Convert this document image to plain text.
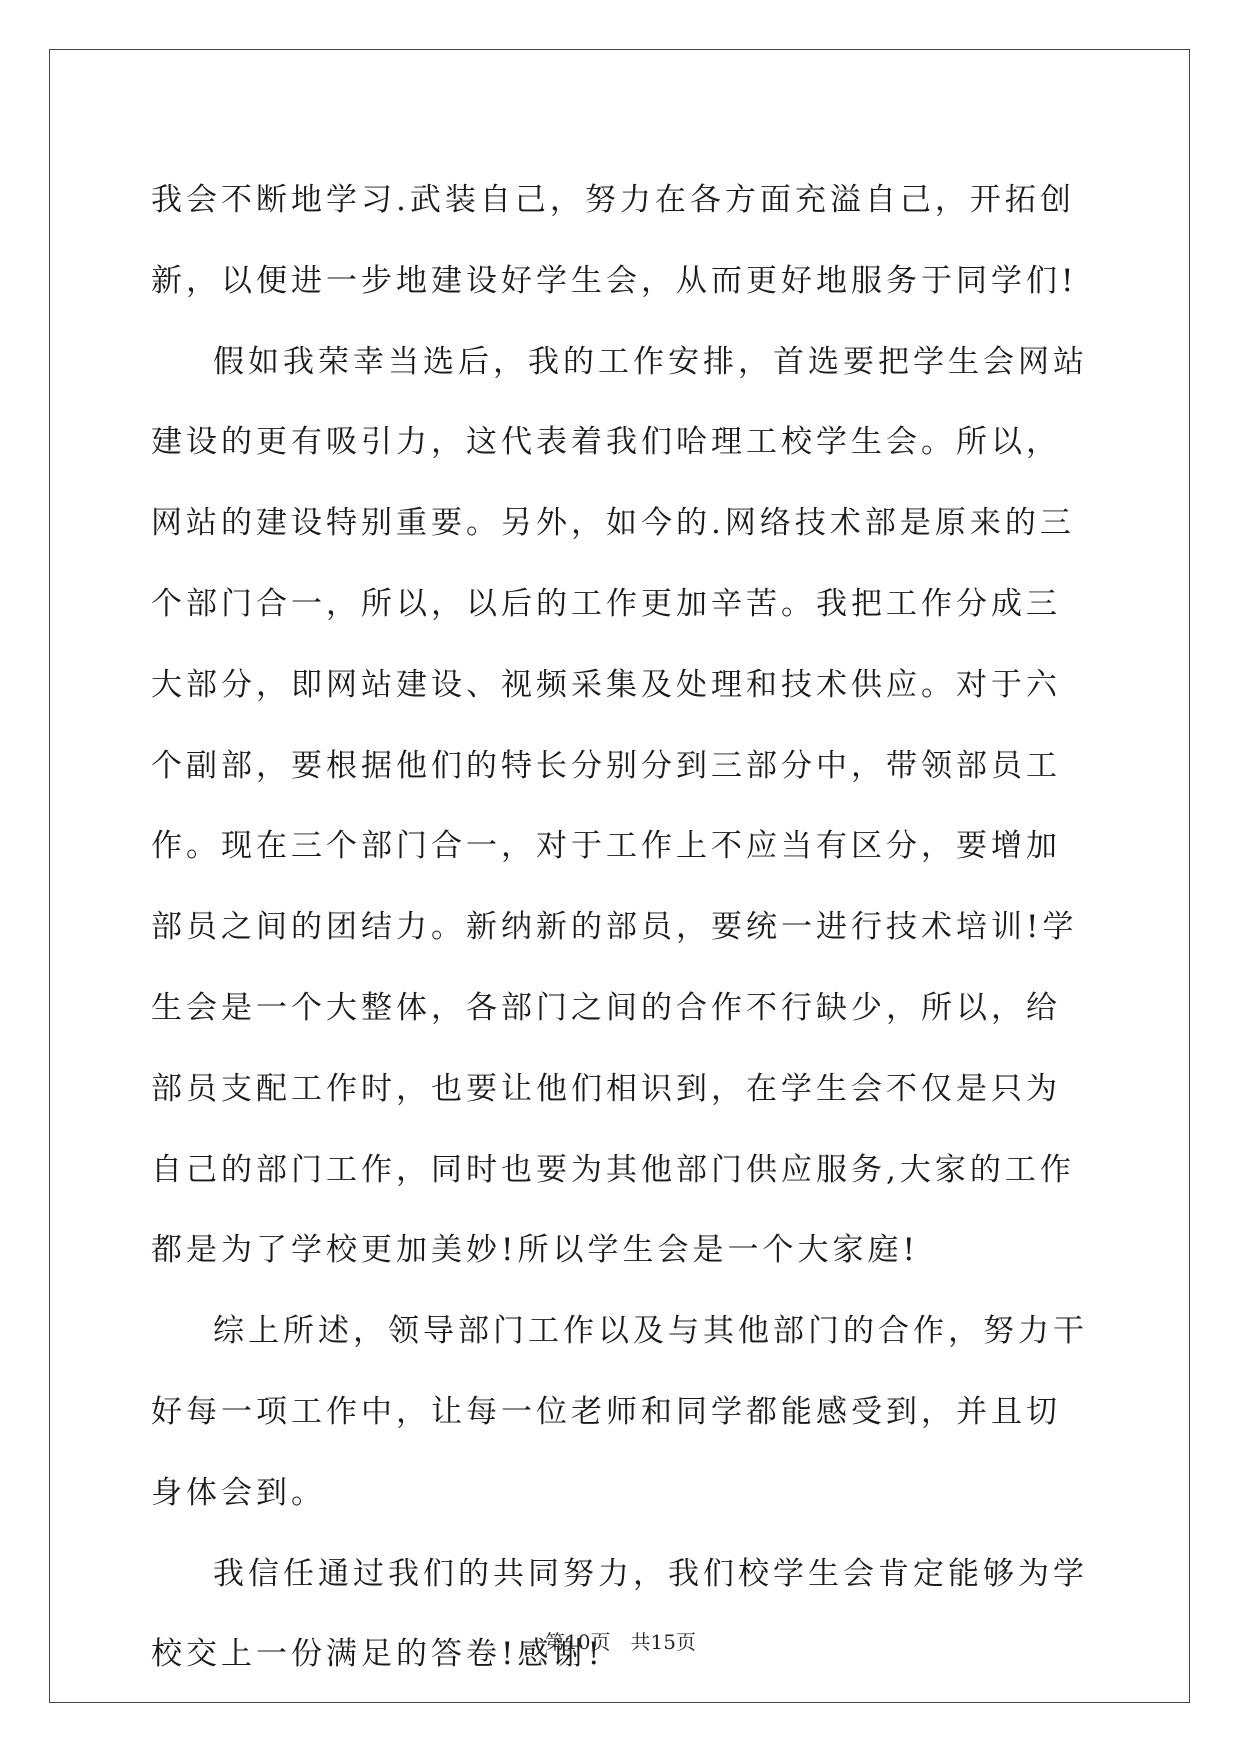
我会不断地学习.武装自己，努力在各方面充溢自己，开拓创新，以便进一步地建设好学生会，从而更好地服务于同学们!

假如我荣幸当选后，我的工作安排，首选要把学生会网站建设的更有吸引力，这代表着我们哈理工校学生会。所以，网站的建设特别重要。另外，如今的.网络技术部是原来的三个部门合一，所以，以后的工作更加辛苦。我把工作分成三大部分，即网站建设、视频采集及处理和技术供应。对于六个副部，要根据他们的特长分别分到三部分中，带领部员工作。现在三个部门合一，对于工作上不应当有区分，要增加部员之间的团结力。新纳新的部员，要统一进行技术培训!学生会是一个大整体，各部门之间的合作不行缺少，所以，给部员支配工作时，也要让他们相识到，在学生会不仅是只为自己的部门工作，同时也要为其他部门供应服务,大家的工作都是为了学校更加美妙!所以学生会是一个大家庭!

综上所述，领导部门工作以及与其他部门的合作，努力干好每一项工作中，让每一位老师和同学都能感受到，并且切身体会到。

我信任通过我们的共同努力，我们校学生会肯定能够为学校交上一份满足的答卷!感谢!

第10页　共15页
